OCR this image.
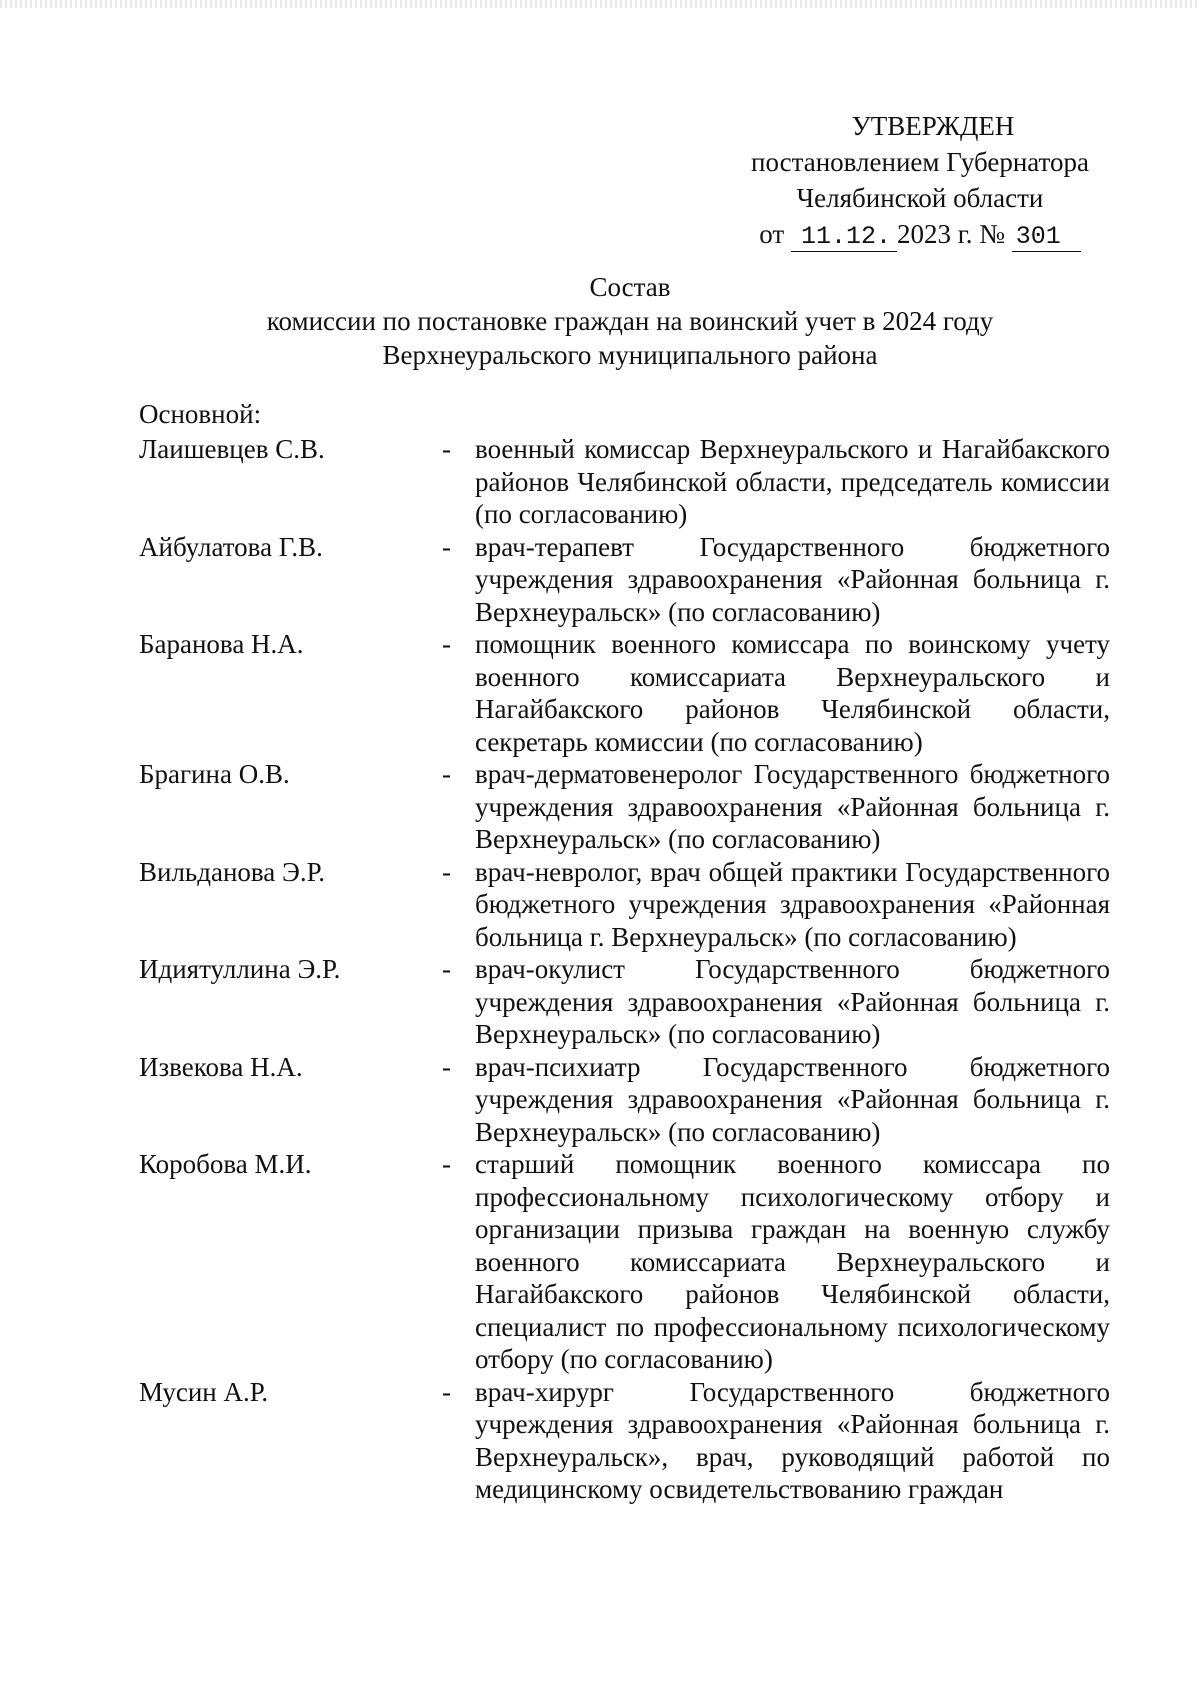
УТВЕРЖДЕН
постановлением Губернатора
Челябинской области
от 11.12. 2023 г. № 301
Состав
комиссии по постановке граждан на воинский учет в 2024 году
Верхнеуральского муниципального района
Основной:
Лаишевцев С.В.	- военный комиссар Верхнеуральского и Нагайбакского районов Челябинской области, председатель комиссии (по согласованию)
Айбулатова Г.В.	- врач-терапевт Государственного бюджетного учреждения здравоохранения «Районная больница г. Верхнеуральск» (по согласованию)
Баранова Н.А.	- помощник военного комиссара по воинскому учету военного комиссариата Верхнеуральского и Нагайбакского районов Челябинской области, секретарь комиссии (по согласованию)
Брагина О.В.	- врач-дерматовенеролог Государственного бюджетного учреждения здравоохранения «Районная больница г. Верхнеуральск» (по согласованию)
Вильданова Э.Р.	- врач-невролог, врач общей практики Государственного бюджетного учреждения здравоохранения «Районная больница г. Верхнеуральск» (по согласованию)
Идиятуллина Э.Р.	- врач-окулист Государственного бюджетного учреждения здравоохранения «Районная больница г. Верхнеуральск» (по согласованию)
Извекова Н.А.	- врач-психиатр Государственного бюджетного учреждения здравоохранения «Районная больница г. Верхнеуральск» (по согласованию)
Коробова М.И.	- старший помощник военного комиссара по профессиональному психологическому отбору и организации призыва граждан на военную службу военного комиссариата Верхнеуральского и Нагайбакского районов Челябинской области, специалист по профессиональному психологическому отбору (по согласованию)
Мусин А.Р.	- врач-хирург Государственного бюджетного учреждения здравоохранения «Районная больница г. Верхнеуральск», врач, руководящий работой по медицинскому освидетельствованию граждан
